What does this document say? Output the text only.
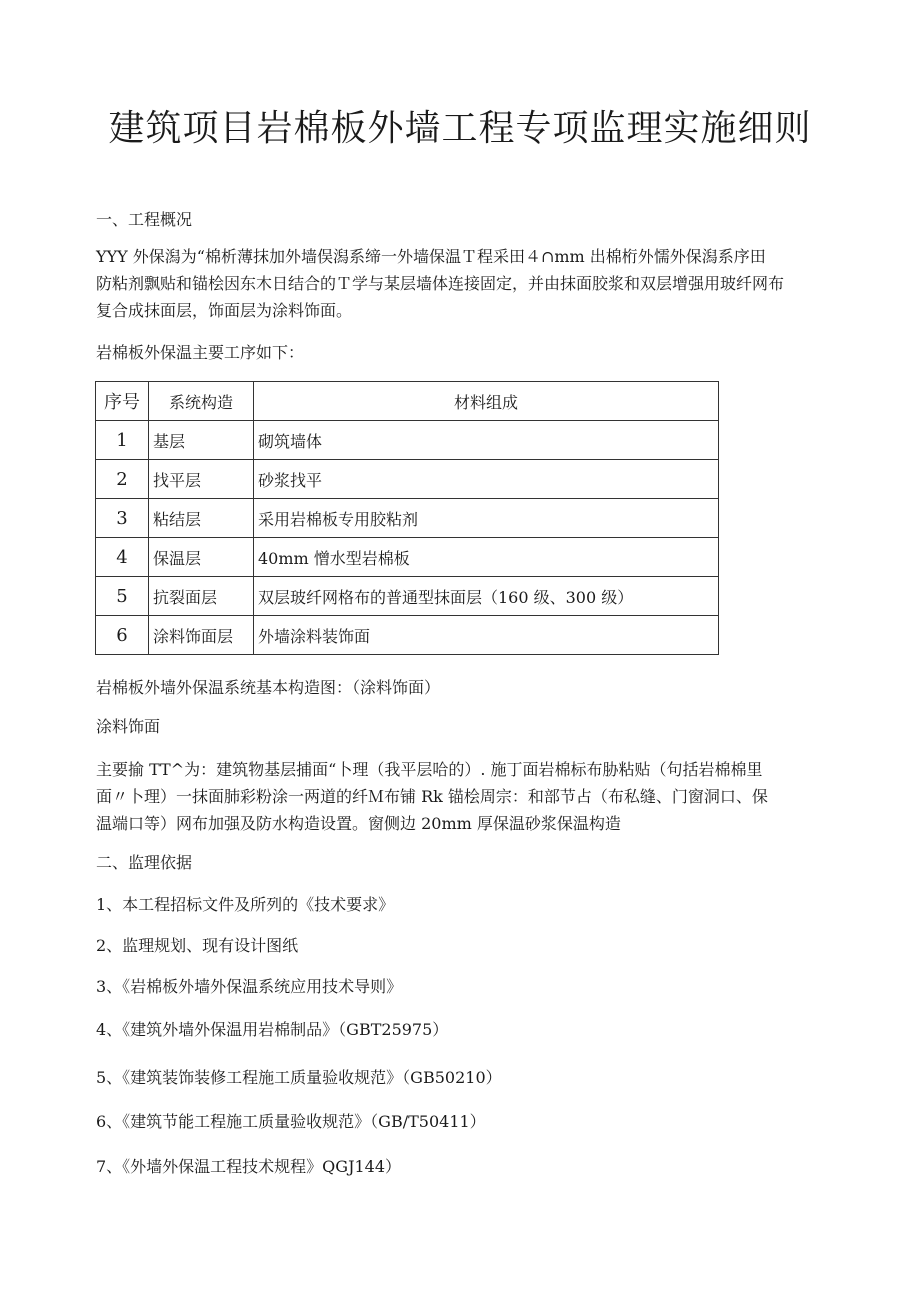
建筑项目岩棉板外墙工程专项监理实施细则
一、工程概况
YYY 外保潟为“棉析薄抹加外墙俣潟系缔一外墙保温Ｔ程采田４∩mm 出棉桁外懦外保潟系序田
防粘剂飘贴和锚桧因东木日结合的Ｔ学与某层墙体连接固定，并由抹面胶浆和双层增强用玻纤网布
复合成抹面层，饰面层为涂料饰面。
岩棉板外保温主要工序如下：
序号	系统构造	材料组成
1	基层	砌筑墙体
2	找平层	砂浆找平
3	粘结层	采用岩棉板专用胶粘剂
4	保温层	40mm 憎水型岩棉板
5	抗裂面层	双层玻纤网格布的普通型抹面层（160 级、300 级）
6	涂料饰面层	外墙涂料装饰面
岩棉板外墙外保温系统基本构造图：（涂料饰面）
涂料饰面
主要揄 TT^为：建筑物基层捕面“卜理（我平层哈的）. 施丁面岩棉标布胁粘贴（句括岩棉棉里
面〃卜理）一抹面肺彩粉涂一两道的纤Ｍ布铺 Rk 锚桧周宗：和部节占（布私缝、门窗洞口、保
温端口等）网布加强及防水构造设置。窗侧边 20mm 厚保温砂浆保温构造
二、监理依据
1、本工程招标文件及所列的《技术要求》
2、监理规划、现有设计图纸
3、《岩棉板外墙外保温系统应用技术导则》
4、《建筑外墙外保温用岩棉制品》（GBT25975）
5、《建筑装饰装修工程施工质量验收规范》（GB50210）
6、《建筑节能工程施工质量验收规范》（GB/T50411）
7、《外墙外保温工程技术规程》QGJ144）
